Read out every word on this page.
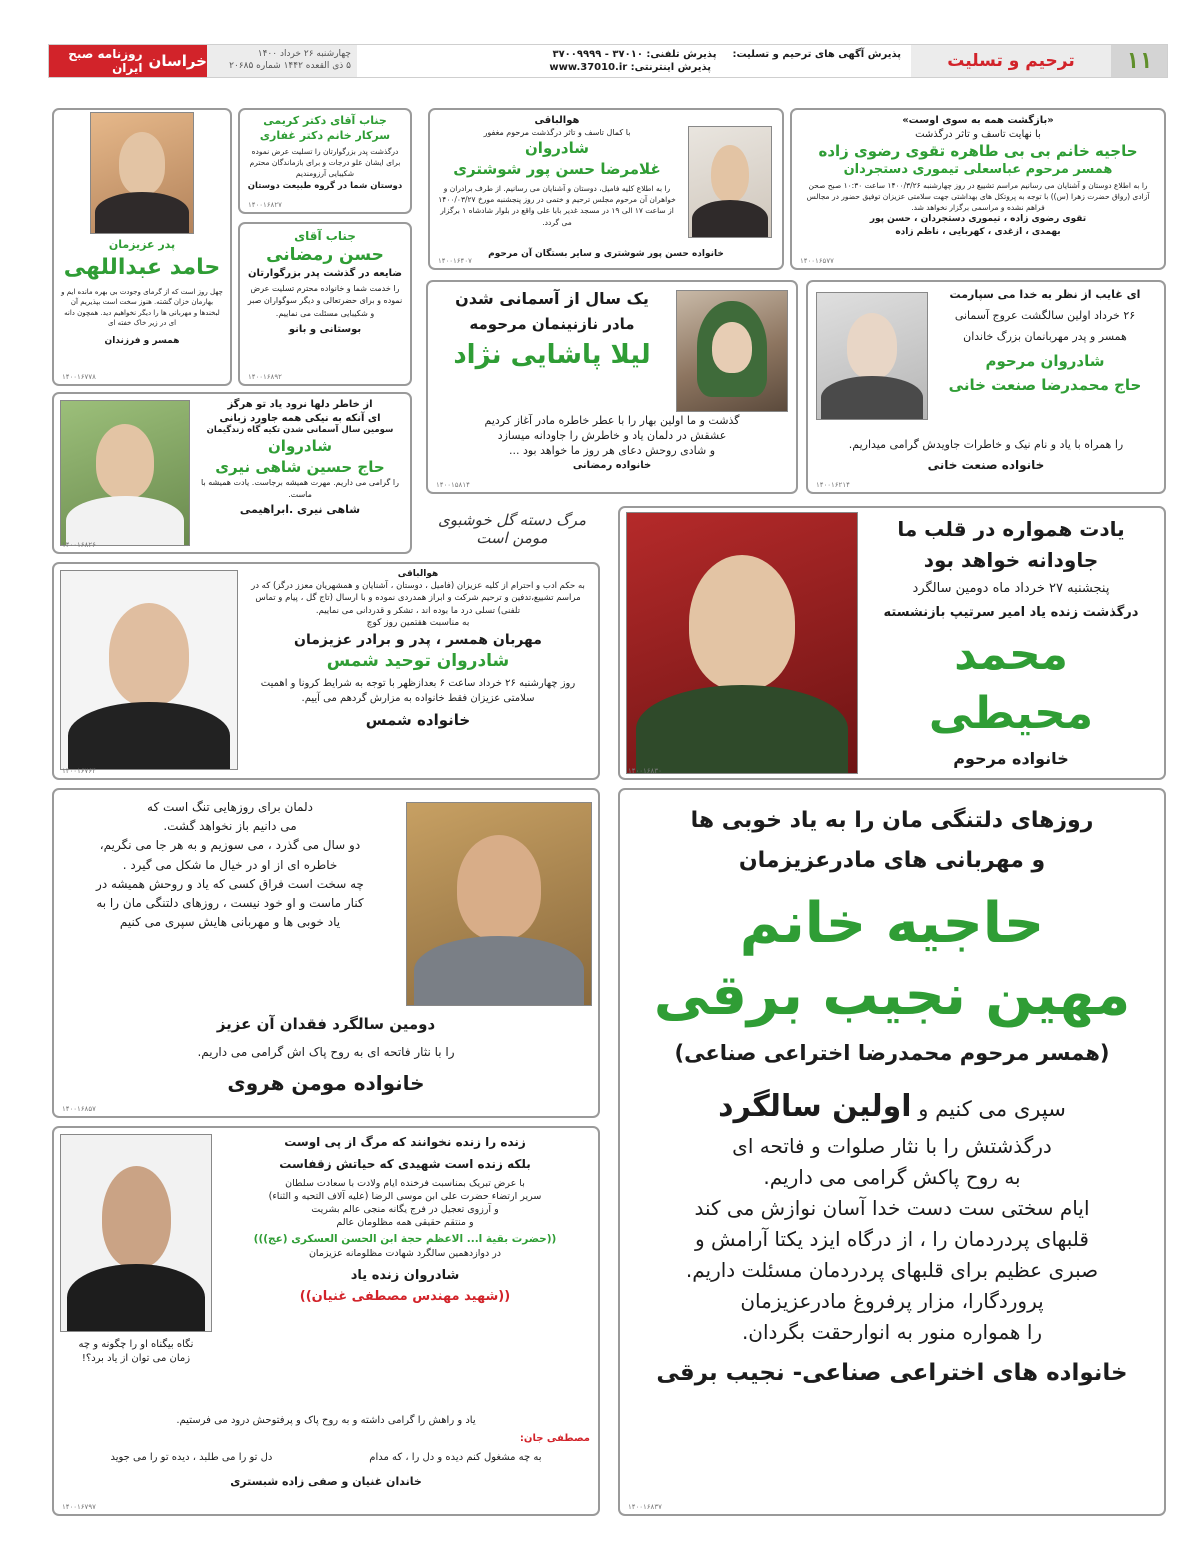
خراسان
روزنامه صبح ایران
چهارشنبه ۲۶ خرداد ۱۴۰۰
۵ ذی القعده ۱۴۴۲ شماره ۲۰۶۸۵
پذیرش آگهی های ترحیم و تسلیت:
پذیرش تلفنی: ۳۷۰۱۰ - ۳۷۰۰۹۹۹۹
پذیرش اینترنتی: www.37010.ir	ترحیم و تسلیت	۱۱
«بازگشت همه به سوی اوست»
با نهایت تاسف و تاثر درگذشت
حاجیه خانم بی بی طاهره تقوی رضوی زاده
همسر مرحوم عباسعلی تیموری دستجردان
را به اطلاع دوستان و آشنایان می رسانیم مراسم تشییع در روز چهارشنبه ۱۴۰۰/۳/۲۶ ساعت ۱۰:۳۰ صبح صحن آزادی (رواق حضرت زهرا (س)) با توجه به پروتکل های بهداشتی جهت سلامتی عزیزان توفیق حضور در مجالس فراهم نشده و مراسمی برگزار نخواهد شد.
تقوی رضوی زاده ، تیموری دستجردان ، حسن پور
بهمدی ، ازغدی ، کهربایی ، ناظم زاده
۱۴۰۰۱۶۵۷۷
هوالباقی
با کمال تاسف و تاثر درگذشت مرحوم مغفور
شادروان
غلامرضا حسن پور شوشتری
را به اطلاع کلیه فامیل، دوستان و آشنایان می رسانیم. از طرف برادران و خواهران آن مرحوم مجلس ترحیم و ختمی در روز پنجشنبه مورخ ۱۴۰۰/۰۳/۲۷ از ساعت ۱۷ الی ۱۹ در مسجد غدیر بابا علی واقع در بلوار شادشاه ۱ برگزار می گردد.
خانواده حسن پور شوشتری و سایر بستگان آن مرحوم
۱۴۰۰۱۶۴۰۷
جناب آقای دکتر کریمی
سرکار خانم دکتر غفاری
درگذشت پدر بزرگوارتان را تسلیت عرض نموده برای ایشان علو درجات و برای بازماندگان محترم شکیبایی آرزومندیم
دوستان شما در گروه طبیعت دوستان
۱۴۰۰۱۶۸۲۷
پدر عزیزمان
حامد عبداللهی
چهل روز است که از گرمای وجودت بی بهره مانده ایم و بهارمان خزان گشته. هنوز سخت است بپذیریم آن لبخندها و مهربانی ها را دیگر نخواهیم دید. همچون دانه ای در زیر خاک خفته ای
همسر و فرزندان
۱۴۰۰۱۶۷۷۸
جناب آقای
حسن رمضانی
ضایعه در گذشت پدر بزرگوارتان
را خدمت شما و خانواده محترم تسلیت عرض نموده و برای حضرتعالی و دیگر سوگواران صبر و شکیبایی مسئلت می نماییم.
بوستانی و بانو
۱۴۰۰۱۶۸۹۲
یک سال از آسمانی شدن
مادر نازنینمان مرحومه
لیلا پاشایی نژاد
گذشت و ما اولین بهار را با عطر خاطره مادر آغاز کردیم
عشقش در دلمان یاد و خاطرش را جاودانه میسازد
و شادی روحش دعای هر روز ما خواهد بود ...
خانواده رمضانی
۱۴۰۰۱۵۸۱۴
ای غایب از نظر به خدا می سپارمت
۲۶ خرداد اولین سالگشت عروج آسمانی
همسر و پدر مهربانمان بزرگ خاندان
شادروان مرحوم
حاج محمدرضا صنعت خانی
را همراه با یاد و نام نیک و خاطرات جاویدش گرامی میداریم.
خانواده صنعت خانی
۱۴۰۰۱۶۲۱۴
از خاطر دلها نرود یاد تو هرگز
ای آنکه به نیکی همه جاورد زبانی
سومین سال آسمانی شدن تکیه گاه زندگیمان
شادروان
حاج حسین شاهی نیری
را گرامی می داریم. مهرت همیشه برجاست. یادت همیشه با ماست.
شاهی نیری .ابراهیمی
۱۴۰۰۱۶۸۲۶
مرگ دسته گل خوشبوی مومن است	یادت همواره در قلب ما
جاودانه خواهد بود
پنجشنبه ۲۷ خرداد ماه دومین سالگرد
درگذشت زنده یاد امیر سرتیپ بازنشسته
محمد محیطی
خانواده مرحوم
۱۴۰۰۱۶۸۳۰
هوالباقی
به حکم ادب و احترام از کلیه عزیزان (فامیل ، دوستان ، آشنایان و همشهریان معزز درگز) که در مراسم تشییع،تدفین و ترحیم شرکت و ابراز همدردی نموده و با ارسال (تاج گل ، پیام و تماس تلفنی) تسلی درد ما بوده اند ، تشکر و قدردانی می نماییم.
به مناسبت هفتمین روز کوچ
مهربان همسر ، پدر و برادر عزیزمان
شادروان توحید شمس
روز چهارشنبه ۲۶ خرداد ساعت ۶ بعدازظهر با توجه به شرایط کرونا و اهمیت سلامتی عزیزان فقط خانواده به مزارش گردهم می آییم.
خانواده شمس
۱۴۰۰۱۶۷۶۴
دلمان برای روزهایی تنگ است که
می دانیم باز نخواهد گشت.
دو سال می گذرد ، می سوزیم و به هر جا می نگریم،
خاطره ای از او در خیال ما شکل می گیرد .
چه سخت است فراق کسی که یاد و روحش همیشه در
کنار ماست و او خود نیست ، روزهای دلتنگی مان را به
یاد خوبی ها و مهربانی هایش سپری می کنیم
دومین سالگرد فقدان آن عزیز
را با نثار فاتحه ای به روح پاک اش گرامی می داریم.
خانواده مومن هروی
۱۴۰۰۱۶۸۵۷
روزهای دلتنگی مان را به یاد خوبی ها
و مهربانی های مادرعزیزمان
حاجیه خانم
مهین نجیب برقی
(همسر مرحوم محمدرضا اختراعی صناعی)
سپری می کنیم و اولین سالگرد
درگذشتش را با نثار صلوات و فاتحه ای
به روح پاکش گرامی می داریم.
ایام سختی ست دست خدا آسان نوازش می کند
قلبهای پردردمان را ، از درگاه ایزد یکتا آرامش و
صبری عظیم برای قلبهای پردردمان مسئلت داریم.
پروردگارا، مزار پرفروغ مادرعزیزمان
را همواره منور به انوارحقت بگردان.
خانواده های اختراعی صناعی- نجیب برقی
۱۴۰۰۱۶۸۳۷
نگاه بیگناه او را چگونه و چه
زمان می توان از یاد برد؟!
زنده را زنده نخوانند که مرگ از پی اوست
بلکه زنده است شهیدی که حیاتش زقفاست
با عرض تبریک بمناسبت فرخنده ایام ولادت با سعادت سلطان
سریر ارتضاء حضرت علی ابن موسی الرضا (علیه آلاف التحیه و الثناء)
و آرزوی تعجیل در فرج یگانه منجی عالم بشریت
و منتقم حقیقی همه مظلومان عالم
((حضرت بقیة ا... الاعظم حجة ابن الحسن العسکری (عج)))
در دوازدهمین سالگرد شهادت مظلومانه عزیزمان
شادروان زنده یاد
((شهید مهندس مصطفی غنیان))
یاد و راهش را گرامی داشته و به روح پاک و پرفتوحش درود می فرستیم.
مصطفی جان:
به چه مشغول کنم دیده و دل را ، که مدام
دل تو را می طلبد ، دیده تو را می جوید
خاندان غنیان و صفی زاده شبستری
۱۴۰۰۱۶۷۹۷
